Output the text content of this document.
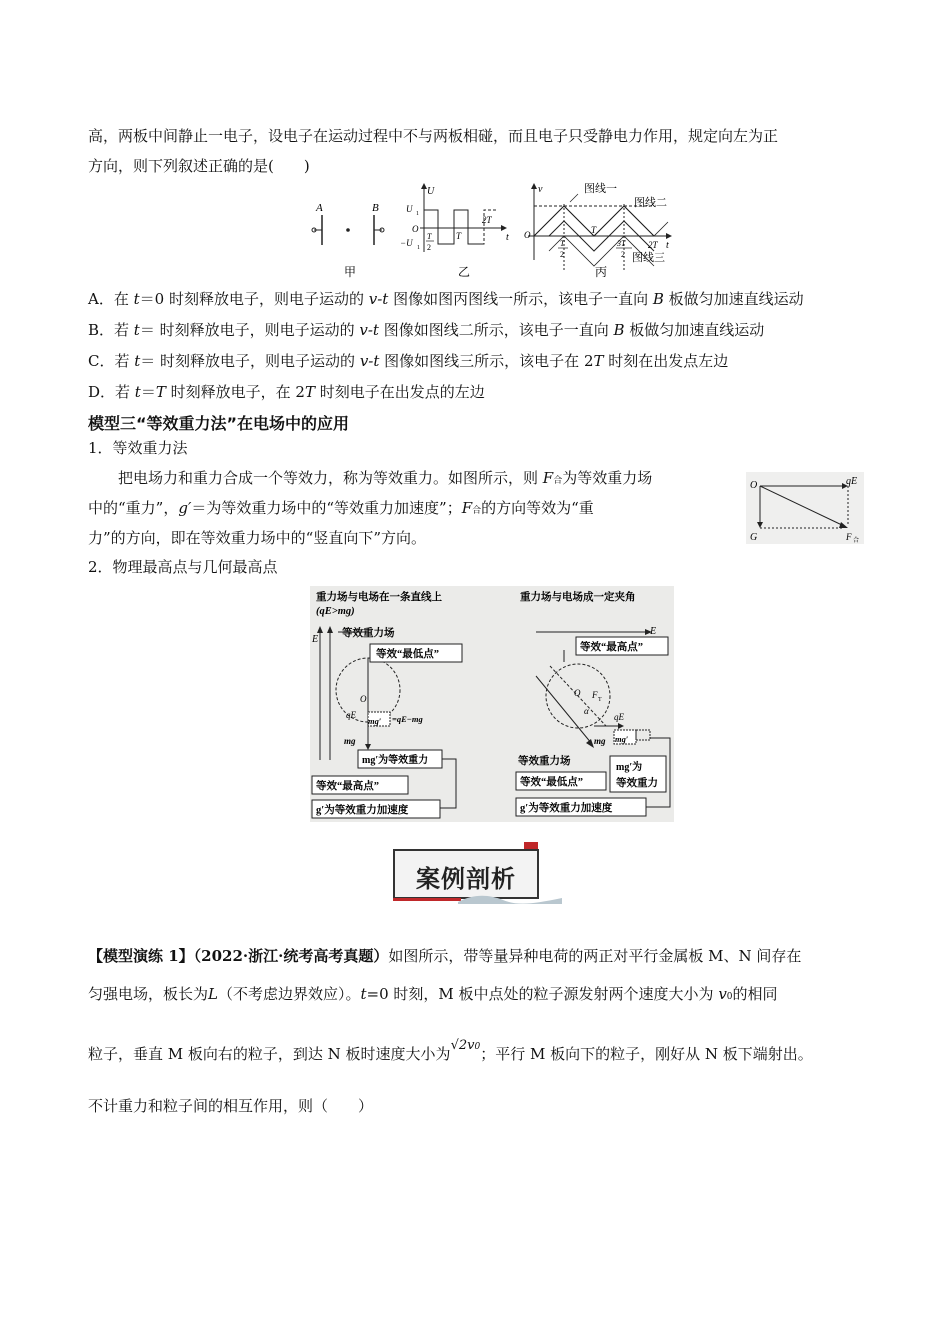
高，两板中间静止一电子，设电子在运动过程中不与两板相碰，而且电子只受静电力作用，规定向左为正
方向，则下列叙述正确的是(　　)
A	B
甲
U
U 1
−U 1
O
t
T
2
T
2T
乙
v
O
t
图线一
图线二
图线三
T
2
T
3T
2
2T
丙
A．在 t＝0 时刻释放电子，则电子运动的 v-t 图像如图丙图线一所示，该电子一直向 B 板做匀加速直线运动
B．若 t＝ 时刻释放电子，则电子运动的 v-t 图像如图线二所示，该电子一直向 B 板做匀加速直线运动
C．若 t＝ 时刻释放电子，则电子运动的 v-t 图像如图线三所示，该电子在 2T 时刻在出发点左边
D．若 t＝T 时刻释放电子，在 2T 时刻电子在出发点的左边
模型三“等效重力法”在电场中的应用
1．等效重力法
把电场力和重力合成一个等效力，称为等效重力。如图所示，则 F合为等效重力场
中的“重力”，g′＝为等效重力场中的“等效重力加速度”；F合的方向等效为“重
力”的方向，即在等效重力场中的“竖直向下”方向。
O	qE
G	F 合
2．物理最高点与几何最高点
重力场与电场在一条直线上
(qE>mg)
E
等效重力场
等效“最低点”
O
qE
mg′ =qE−mg
mg
mg′为等效重力
等效“最高点”
g′为等效重力加速度
重力场与电场成一定夹角
E
等效“最高点”
O F T
α
qE
mg mg′
等效重力场
等效“最低点”
mg′为
等效重力
g′为等效重力加速度
案例剖析
【模型演练 1】（2022·浙江·统考高考真题）如图所示，带等量异种电荷的两正对平行金属板 M、N 间存在
匀强电场，板长为L（不考虑边界效应）。t=0 时刻，M 板中点处的粒子源发射两个速度大小为 v0的相同
粒子，垂直 M 板向右的粒子，到达 N 板时速度大小为√2v0；平行 M 板向下的粒子，刚好从 N 板下端射出。
不计重力和粒子间的相互作用，则（　　）
